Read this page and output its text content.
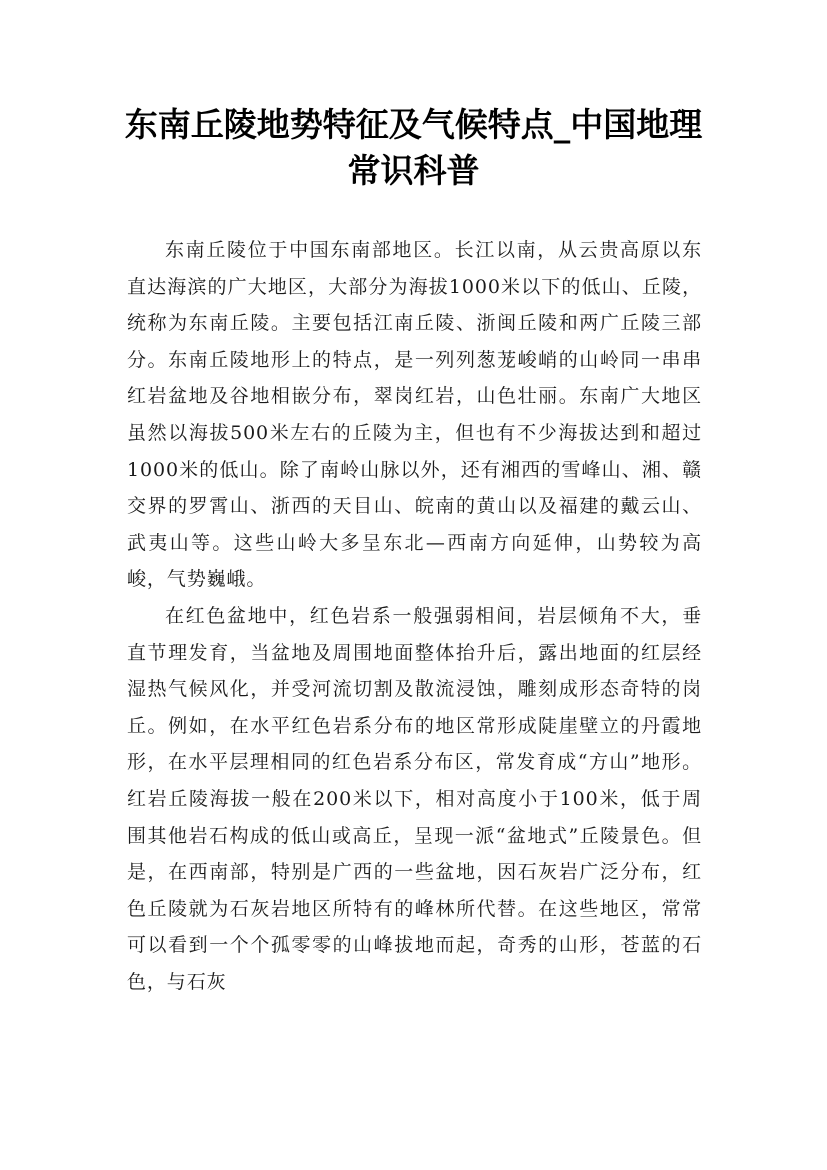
东南丘陵地势特征及气候特点_中国地理常识科普

东南丘陵位于中国东南部地区。长江以南，从云贵高原以东直达海滨的广大地区，大部分为海拔1000米以下的低山、丘陵，统称为东南丘陵。主要包括江南丘陵、浙闽丘陵和两广丘陵三部分。东南丘陵地形上的特点，是一列列葱茏峻峭的山岭同一串串红岩盆地及谷地相嵌分布，翠岗红岩，山色壮丽。东南广大地区虽然以海拔500米左右的丘陵为主，但也有不少海拔达到和超过1000米的低山。除了南岭山脉以外，还有湘西的雪峰山、湘、赣交界的罗霄山、浙西的天目山、皖南的黄山以及福建的戴云山、武夷山等。这些山岭大多呈东北—西南方向延伸，山势较为高峻，气势巍峨。

在红色盆地中，红色岩系一般强弱相间，岩层倾角不大，垂直节理发育，当盆地及周围地面整体抬升后，露出地面的红层经湿热气候风化，并受河流切割及散流浸蚀，雕刻成形态奇特的岗丘。例如，在水平红色岩系分布的地区常形成陡崖壁立的丹霞地形，在水平层理相同的红色岩系分布区，常发育成“方山”地形。红岩丘陵海拔一般在200米以下，相对高度小于100米，低于周围其他岩石构成的低山或高丘，呈现一派“盆地式”丘陵景色。但是，在西南部，特别是广西的一些盆地，因石灰岩广泛分布，红色丘陵就为石灰岩地区所特有的峰林所代替。在这些地区，常常可以看到一个个孤零零的山峰拔地而起，奇秀的山形，苍蓝的石色，与石灰
